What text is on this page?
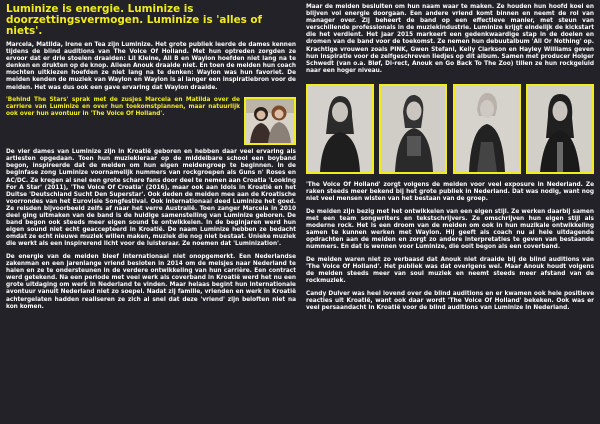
Luminize is energie. Luminize is doorzettingsvermogen. Luminize is 'alles of niets'.

Marcela, Matilda, Irene en Tea zijn Luminize. Het grote publiek leerde de dames kennen tijdens de blind auditions van The Voice Of Holland. Met hun optreden zorgden ze ervoor dat er drie stoelen draaiden: Lil Kleine, Ali B en Waylon hoefden niet lang na te denken en drukten op de knop. Alleen Anouk draaide niet. En toen de meiden hun coach mochten uitkiezen hoefden ze niet lang na te denken: Waylon was hun favoriet. De meiden kenden de muziek van Waylon en Waylon is al langer een inspiratiebron voor de meiden. Het was dus ook een gave ervaring dat Waylon draaide.

'Behind The Stars' sprak met de zusjes Marcela en Matilda over de carriere van Luminize en over hun toekomstplannen, maar natuurlijk ook over hun avontuur in 'The Voice Of Holland'.

De vier dames van Luminize zijn in Kroatië geboren en hebben daar veel ervaring als artiesten opgedaan. Toen hun muziekleraar op de middelbare school een boyband begon, inspireerde dat de meiden om hun eigen meidengroep te beginnen. In de beginfase zong Luminize voornamelijk nummers van rockgroepen als Guns n' Roses en AC/DC. Ze kregen al snel een grote schare fans door deel te nemen aan Croatia 'Looking For A Star' (2011), 'The Voice Of Croatia' (2016), maar ook aan Idols in Kroatië en het Duitse 'Deutschland Sucht Den Superstar'. Ook deden de meiden mee aan de Kroatische voorrondes van het Eurovisie Songfestival. Ook internationaal deed Luminize het goed. Ze reisden bijvoorbeeld zelfs af naar het verre Australië. Toen zanger Marcela in 2010 deel ging uitmaken van de band is de huidige samenstelling van Luminize geboren. De band begon ook steeds meer eigen sound te ontwikkelen. In de beginjaren werd hun eigen sound niet echt geaccepteerd in Kroatië. De naam Luminize hebben ze bedacht omdat ze echt nieuwe muziek willen maken, muziek die nog niet bestaat. Unieke muziek die werkt als een inspirerend licht voor de luisteraar. Ze noemen dat 'Luminization'.

De energie van de meiden bleef internationaal niet onopgemerkt. Een Nederlandse zakenman en een jarenlange vriend besloten in 2014 om de meisjes naar Nederland te halen en ze te ondersteunen in de verdere ontwikkeling van hun carrière. Een contract werd getekend. Na een periode met veel werk als coverband in Kroatië werd het nu een grote uitdaging om werk in Nederland te vinden. Maar helaas begint hun internationale avontuur vanuit Nederland niet zo soepel. Nadat zij familie, vrienden en werk in Kroatië achtergelaten hadden realiseren ze zich al snel dat deze 'vriend' zijn beloften niet na kon komen.

Maar de meiden besluiten om hun naam waar te maken. Ze houden hun hoofd koel en blijven vol energie doorgaan. Een andere vriend komt binnen en neemt de rol van manager over. Zij beheert de band op een effectieve manier, met steun van verschillende professionals in de muziekindustrie. Luminize krijgt eindelijk de kickstart die het verdient. Het jaar 2015 markeert een gedenkwaardige stap in de doelen en dromen van de band voor de toekomst. Ze nemen hun debuutalbum 'All Or Nothing' op. Krachtige vrouwen zoals PINK, Gwen Stefani, Kelly Clarkson en Hayley Williams geven hun inspiratie voor de zelfgeschreven liedjes op dit album. Samen met producer Holger Schwedt (van o.a. Bløf, Di-rect, Anouk en Go Back To The Zoo) tillen ze hun rockgeluid naar een hoger niveau.

'The Voice Of Holland' zorgt volgens de meiden voor veel exposure in Nederland. Ze raken steeds meer bekend bij het grote publiek in Nederland. Dat was nodig, want nog niet veel mensen wisten van het bestaan van de groep.

De meiden zijn bezig met het ontwikkelen van een eigen stijl. Ze werken daarbij samen met een team songwriters en tekstschrijvers. Ze omschrijven hun eigen stijl als moderne rock. Het is een droom van de meiden om ook in hun muzikale ontwikkeling samen te kunnen werken met Waylon. Hij geeft als coach nu al hele uitdagende opdrachten aan de meiden en zorgt zo andere interpretaties te geven van bestaande nummers. En dat is wennen voor Luminize, die ooit begon als een coverband.

De meiden waren niet zo verbaasd dat Anouk niet draaide bij de blind auditions van 'The Voice Of Holland'. Het publiek was dat overigens wel. Maar Anouk houdt volgens de meiden steeds meer van soul muziek en neemt steeds meer afstand van de rockmuziek.

Candy Dulver was heel lovend over de blind auditions en er kwamen ook hele positieve reacties uit Kroatië, want ook daar wordt 'The Voice Of Holland' bekeken. Ook was er veel persaandacht in Kroatië voor de blind auditions van Luminize in Nederland.
